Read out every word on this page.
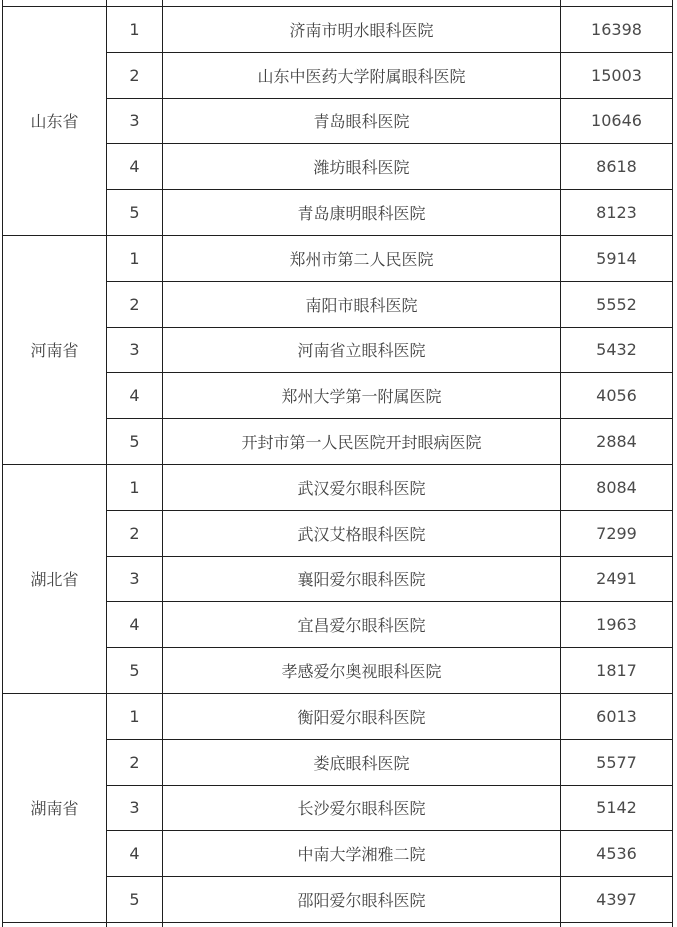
山东省	1	济南市明水眼科医院	16398
	2	山东中医药大学附属眼科医院	15003
	3	青岛眼科医院	10646
	4	潍坊眼科医院	8618
	5	青岛康明眼科医院	8123
河南省	1	郑州市第二人民医院	5914
	2	南阳市眼科医院	5552
	3	河南省立眼科医院	5432
	4	郑州大学第一附属医院	4056
	5	开封市第一人民医院开封眼病医院	2884
湖北省	1	武汉爱尔眼科医院	8084
	2	武汉艾格眼科医院	7299
	3	襄阳爱尔眼科医院	2491
	4	宜昌爱尔眼科医院	1963
	5	孝感爱尔奥视眼科医院	1817
湖南省	1	衡阳爱尔眼科医院	6013
	2	娄底眼科医院	5577
	3	长沙爱尔眼科医院	5142
	4	中南大学湘雅二院	4536
	5	邵阳爱尔眼科医院	4397
